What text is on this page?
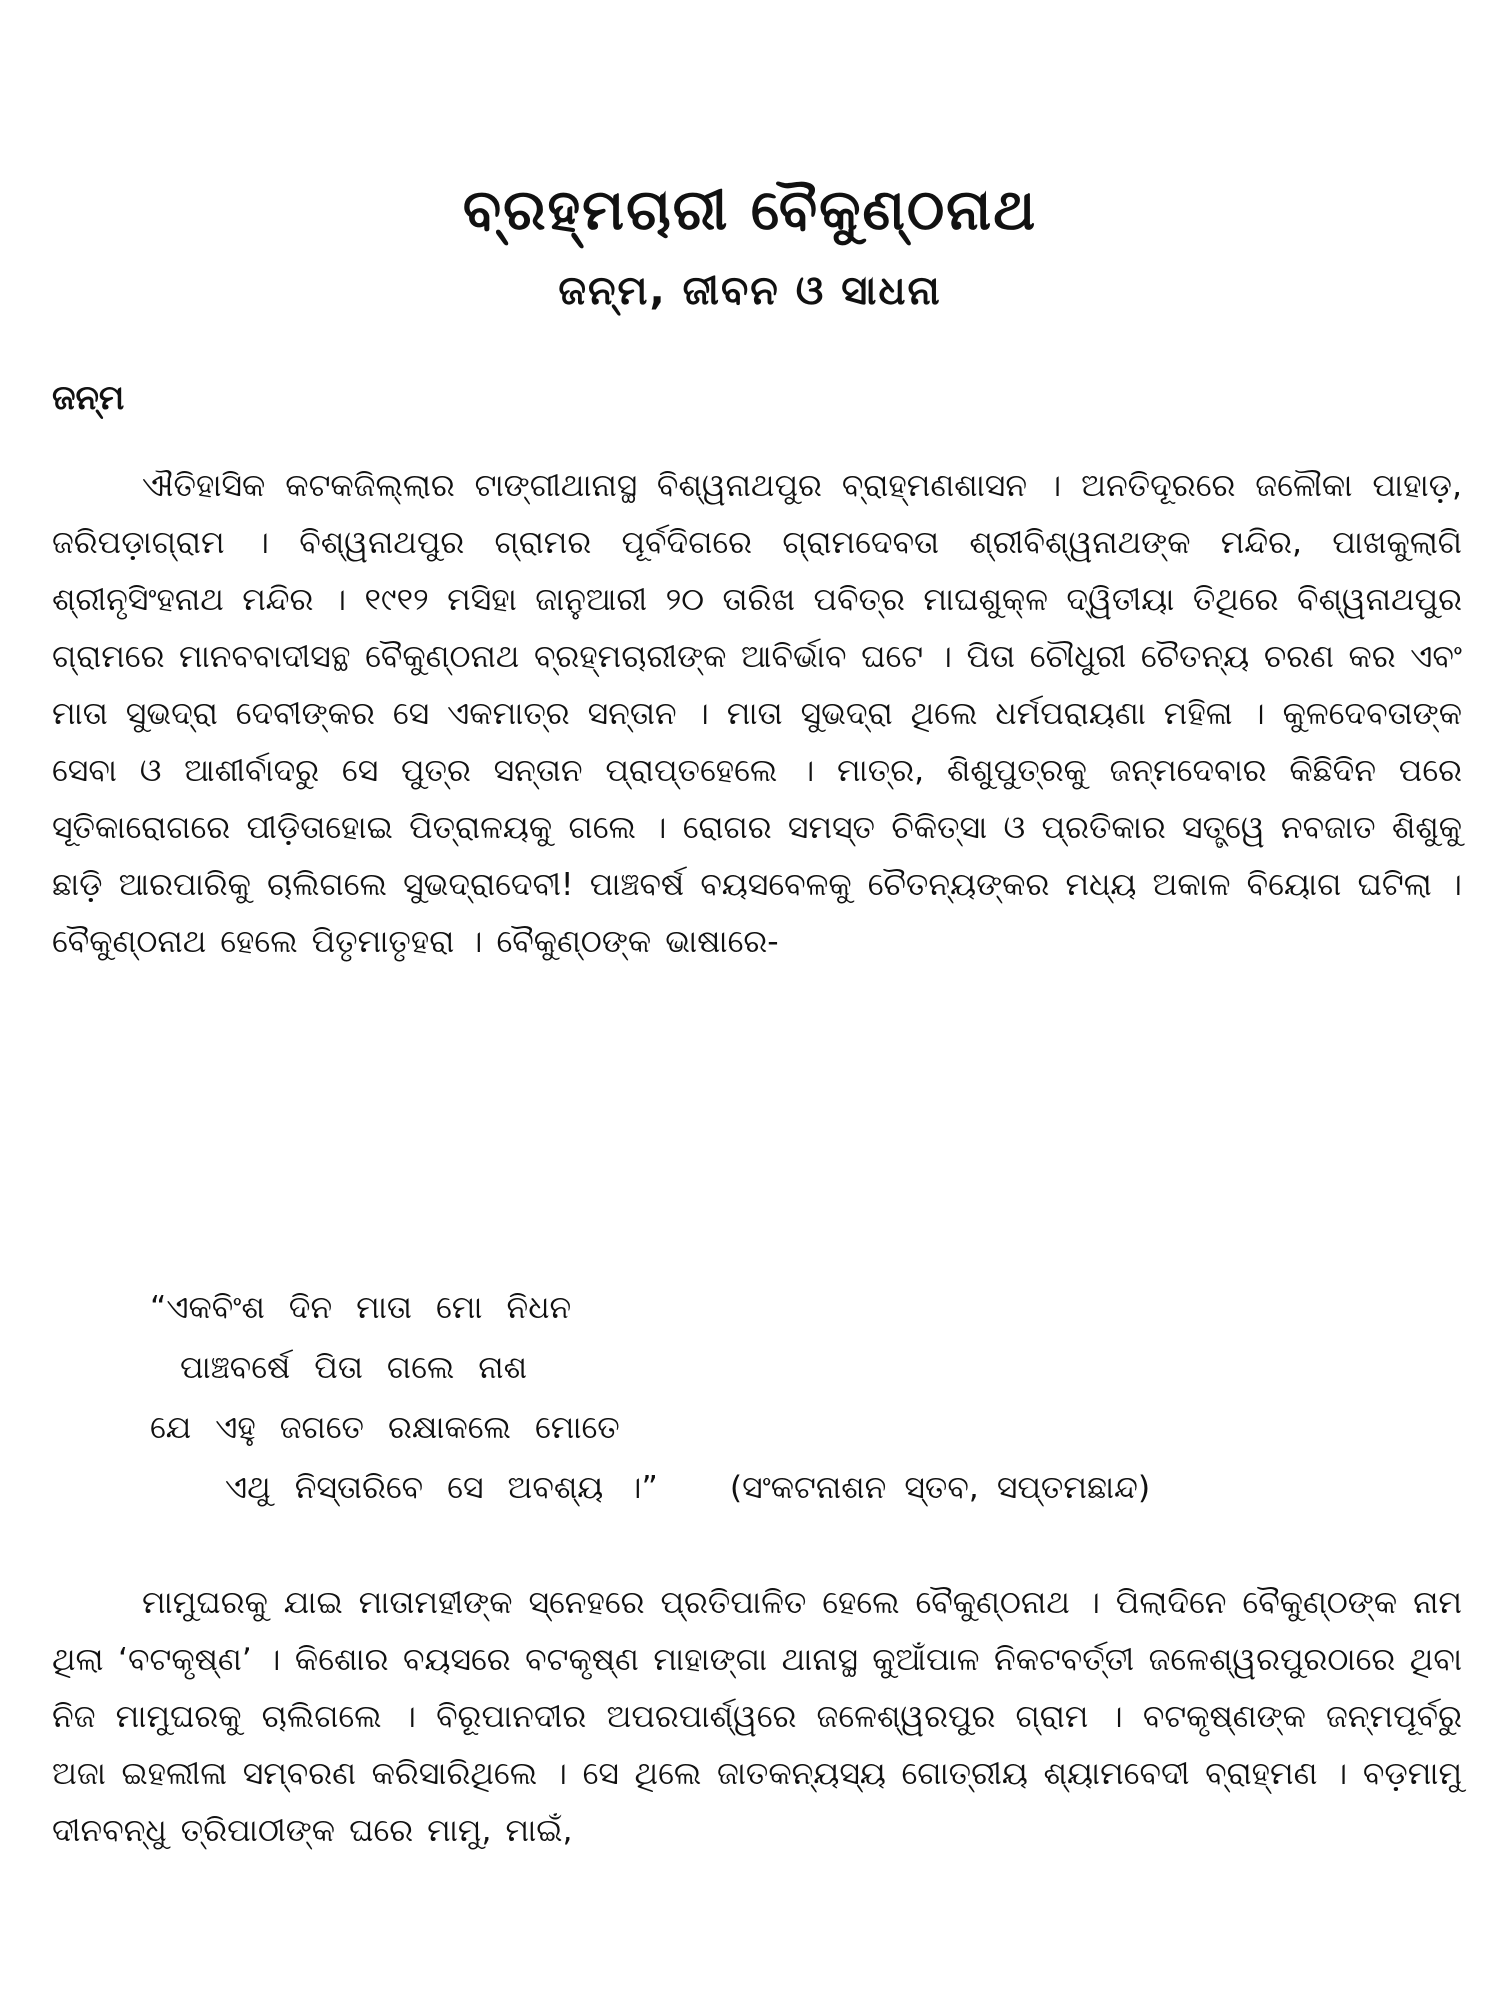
ବ୍ରହ୍ମଚାରୀ ବୈକୁଣ୍ଠନାଥ
ଜନ୍ମ, ଜୀବନ ଓ ସାଧନା
ଜନ୍ମ

ଐତିହାସିକ କଟକଜିଲ୍ଲାର ଟାଙ୍ଗୀଥାନାସ୍ଥ ବିଶ୍ୱନାଥପୁର ବ୍ରାହ୍ମଣଶାସନ । ଅନତିଦୂରରେ ଜଳୌକା ପାହାଡ଼, ଜରିପଡ଼ାଗ୍ରାମ । ବିଶ୍ୱନାଥପୁର ଗ୍ରାମର ପୂର୍ବଦିଗରେ ଗ୍ରାମଦେବତା ଶ୍ରୀବିଶ୍ୱନାଥଙ୍କ ମନ୍ଦିର, ପାଖକୁଲାଗି ଶ୍ରୀନୃସିଂହନାଥ ମନ୍ଦିର । ୧୯୧୨ ମସିହା ଜାନୁଆରୀ ୨୦ ତାରିଖ ପବିତ୍ର ମାଘଶୁକ୍ଳ ଦ୍ୱିତୀୟା ତିଥିରେ ବିଶ୍ୱନାଥପୁର ଗ୍ରାମରେ ମାନବବାଦୀସନ୍ଥ ବୈକୁଣ୍ଠନାଥ ବ୍ରହ୍ମଚାରୀଙ୍କ ଆବିର୍ଭାବ ଘଟେ । ପିତା ଚୌଧୁରୀ ଚୈତନ୍ୟ ଚରଣ କର ଏବଂ ମାତା ସୁଭଦ୍ରା ଦେବୀଙ୍କର ସେ ଏକମାତ୍ର ସନ୍ତାନ । ମାତା ସୁଭଦ୍ରା ଥିଲେ ଧର୍ମପରାୟଣା ମହିଳା । କୁଳଦେବତାଙ୍କ ସେବା ଓ ଆଶୀର୍ବାଦରୁ ସେ ପୁତ୍ର ସନ୍ତାନ ପ୍ରାପ୍ତହେଲେ । ମାତ୍ର, ଶିଶୁପୁତ୍ରକୁ ଜନ୍ମଦେବାର କିଛିଦିନ ପରେ ସୂତିକାରୋଗରେ ପୀଡ଼ିତାହୋଇ ପିତ୍ରାଳୟକୁ ଗଲେ । ରୋଗର ସମସ୍ତ ଚିକିତ୍ସା ଓ ପ୍ରତିକାର ସତ୍ତ୍ୱେ ନବଜାତ ଶିଶୁକୁ ଛାଡ଼ି ଆରପାରିକୁ ଚାଲିଗଲେ ସୁଭଦ୍ରାଦେବୀ! ପାଞ୍ଚବର୍ଷ ବୟସବେଳକୁ ଚୈତନ୍ୟଙ୍କର ମଧ୍ୟ ଅକାଳ ବିୟୋଗ ଘଟିଲା । ବୈକୁଣ୍ଠନାଥ ହେଲେ ପିତୃମାତୃହରା । ବୈକୁଣ୍ଠଙ୍କ ଭାଷାରେ-

“ଏକବିଂଶ ଦିନ ମାତା ମୋ ନିଧନ
ପାଞ୍ଚବର୍ଷେ ପିତା ଗଲେ ନାଶ
ଯେ ଏହୁ ଜଗତେ ରକ୍ଷାକଲେ ମୋତେ
ଏଥୁ ନିସ୍ତାରିବେ ସେ ଅବଶ୍ୟ ।” (ସଂକଟନାଶନ ସ୍ତବ, ସପ୍ତମଛାନ୍ଦ)

ମାମୁଘରକୁ ଯାଇ ମାତାମହୀଙ୍କ ସ୍ନେହରେ ପ୍ରତିପାଳିତ ହେଲେ ବୈକୁଣ୍ଠନାଥ । ପିଲାଦିନେ ବୈକୁଣ୍ଠଙ୍କ ନାମ ଥିଲା ‘ବଟକୃଷ୍ଣ’ । କିଶୋର ବୟସରେ ବଟକୃଷ୍ଣ ମାହାଙ୍ଗା ଥାନାସ୍ଥ କୁଆଁପାଳ ନିକଟବର୍ତ୍ତୀ ଜଳେଶ୍ୱରପୁରଠାରେ ଥିବା ନିଜ ମାମୁଘରକୁ ଚାଲିଗଲେ । ବିରୂପାନଦୀର ଅପରପାର୍ଶ୍ୱରେ ଜଳେଶ୍ୱରପୁର ଗ୍ରାମ । ବଟକୃଷ୍ଣଙ୍କ ଜନ୍ମପୂର୍ବରୁ ଅଜା ଇହଲୀଳା ସମ୍ବରଣ କରିସାରିଥିଲେ । ସେ ଥିଲେ ଜାତକନ୍ୟସ୍ୟ ଗୋତ୍ରୀୟ ଶ୍ୟାମବେଦୀ ବ୍ରାହ୍ମଣ । ବଡ଼ମାମୁ ଦୀନବନ୍ଧୁ ତ୍ରିପାଠୀଙ୍କ ଘରେ ମାମୁ, ମାଇଁ,
